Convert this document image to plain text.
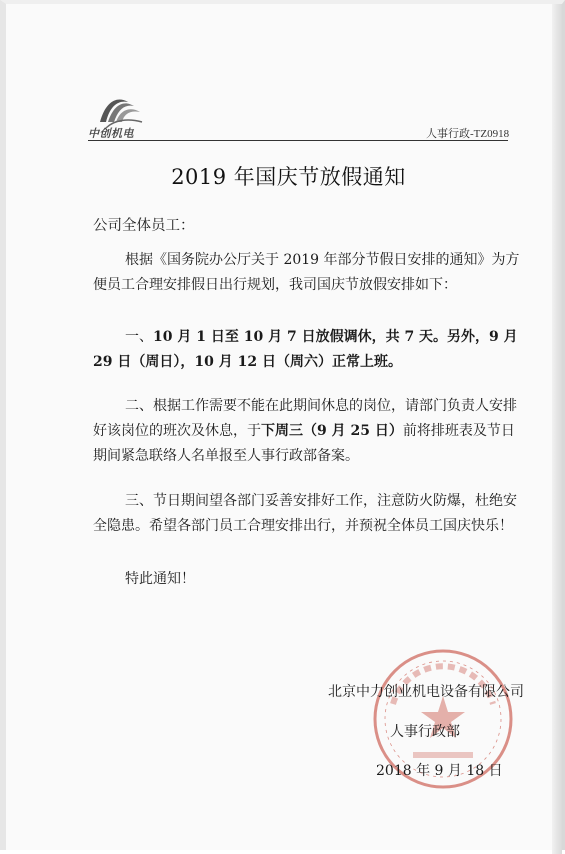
中创机电	人事行政-TZ0918
2019 年国庆节放假通知
公司全体员工：

根据《国务院办公厅关于 2019 年部分节假日安排的通知》为方便员工合理安排假日出行规划，我司国庆节放假安排如下：

一、10 月 1 日至 10 月 7 日放假调休，共 7 天。另外，9 月 29 日（周日），10 月 12 日（周六）正常上班。

二、根据工作需要不能在此期间休息的岗位，请部门负责人安排好该岗位的班次及休息，于下周三（9 月 25 日）前将排班表及节日期间紧急联络人名单报至人事行政部备案。

三、节日期间望各部门妥善安排好工作，注意防火防爆，杜绝安全隐患。希望各部门员工合理安排出行，并预祝全体员工国庆快乐！

特此通知！

北京中力创业机电设备有限公司
人事行政部
2018 年 9 月 18 日
